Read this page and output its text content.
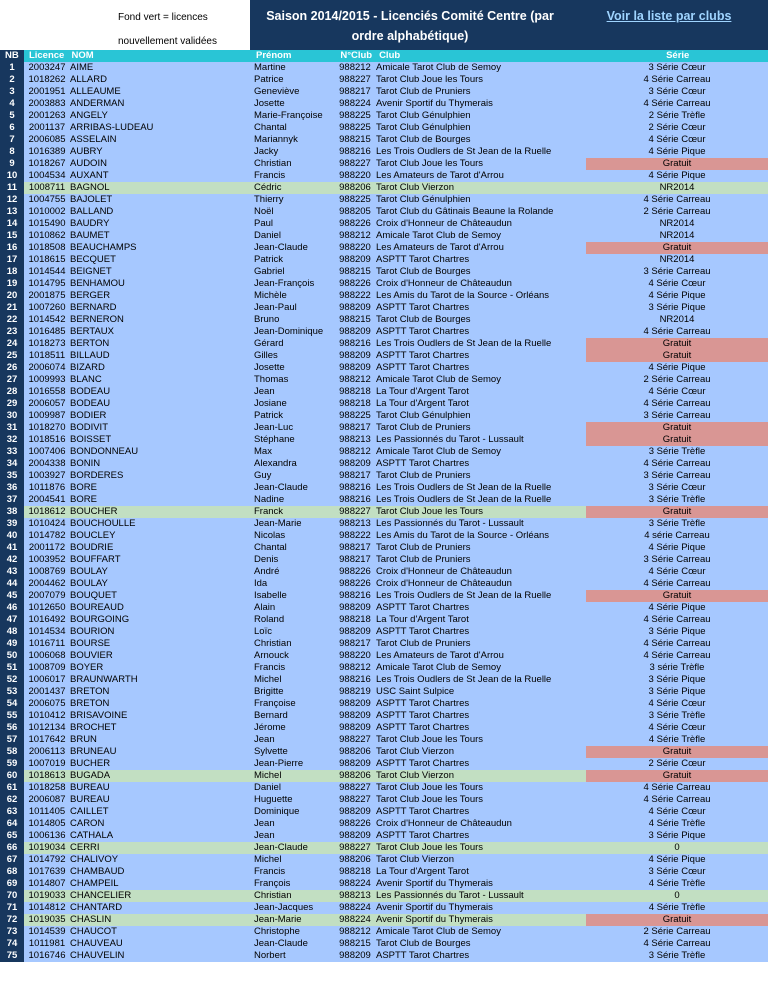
Fond vert = licences
nouvellement validées
Saison 2014/2015 - Licenciés Comité Centre (par ordre alphabétique)
Voir la liste par clubs
NB	Licence NOM	Prénom	N°Club Club	Série
1	2003247 AIME	Martine	988212 Amicale Tarot Club de Semoy	3 Série Cœur
2	1018262 ALLARD	Patrice	988227 Tarot Club Joue les Tours	4 Série Carreau
3	2001951 ALLEAUME	Geneviève	988217 Tarot Club de Pruniers	3 Série Cœur
4	2003883 ANDERMAN	Josette	988224 Avenir Sportif du Thymerais	4 Série Carreau
5	2001263 ANGELY	Marie-Françoise	988225 Tarot Club Génulphien	2 Série Trèfle
6	2001137 ARRIBAS-LUDEAU	Chantal	988225 Tarot Club Génulphien	2 Série Cœur
7	2006085 ASSELAIN	Mariannyk	988215 Tarot Club de Bourges	4 Série Cœur
8	1016389 AUBRY	Jacky	988216 Les Trois Oudlers de St Jean de la Ruelle	4 Série Pique
9	1018267 AUDOIN	Christian	988227 Tarot Club Joue les Tours	Gratuit
10	1004534 AUXANT	Francis	988220 Les Amateurs de Tarot d'Arrou	4 Série Pique
11	1008711 BAGNOL	Cédric	988206 Tarot Club Vierzon	NR2014
12	1004755 BAJOLET	Thierry	988225 Tarot Club Génulphien	4 Série Carreau
13	1010002 BALLAND	Noël	988205 Tarot Club du Gâtinais Beaune la Rolande	2 Série Carreau
14	1015490 BAUDRY	Paul	988226 Croix d'Honneur de Châteaudun	NR2014
15	1010862 BAUMET	Daniel	988212 Amicale Tarot Club de Semoy	NR2014
16	1018508 BEAUCHAMPS	Jean-Claude	988220 Les Amateurs de Tarot d'Arrou	Gratuit
17	1018615 BECQUET	Patrick	988209 ASPTT Tarot Chartres	NR2014
18	1014544 BEIGNET	Gabriel	988215 Tarot Club de Bourges	3 Série Carreau
19	1014795 BENHAMOU	Jean-François	988226 Croix d'Honneur de Châteaudun	4 Série Cœur
20	2001875 BERGER	Michèle	988222 Les Amis du Tarot de la Source - Orléans	4 Série Pique
21	1007260 BERNARD	Jean-Paul	988209 ASPTT Tarot Chartres	3 Série Pique
22	1014542 BERNERON	Bruno	988215 Tarot Club de Bourges	NR2014
23	1016485 BERTAUX	Jean-Dominique	988209 ASPTT Tarot Chartres	4 Série Carreau
24	1018273 BERTON	Gérard	988216 Les Trois Oudlers de St Jean de la Ruelle	Gratuit
25	1018511 BILLAUD	Gilles	988209 ASPTT Tarot Chartres	Gratuit
26	2006074 BIZARD	Josette	988209 ASPTT Tarot Chartres	4 Série Pique
27	1009993 BLANC	Thomas	988212 Amicale Tarot Club de Semoy	2 Série Carreau
28	1016558 BODEAU	Jean	988218 La Tour d'Argent Tarot	4 Série Cœur
29	2006057 BODEAU	Josiane	988218 La Tour d'Argent Tarot	4 Série Carreau
30	1009987 BODIER	Patrick	988225 Tarot Club Génulphien	3 Série Carreau
31	1018270 BODIVIT	Jean-Luc	988217 Tarot Club de Pruniers	Gratuit
32	1018516 BOISSET	Stéphane	988213 Les Passionnés du Tarot - Lussault	Gratuit
33	1007406 BONDONNEAU	Max	988212 Amicale Tarot Club de Semoy	3 Série Trèfle
34	2004338 BONIN	Alexandra	988209 ASPTT Tarot Chartres	4 Série Carreau
35	1003927 BORDERES	Guy	988217 Tarot Club de Pruniers	3 Série Carreau
36	1011876 BORE	Jean-Claude	988216 Les Trois Oudlers de St Jean de la Ruelle	3 Série Cœur
37	2004541 BORE	Nadine	988216 Les Trois Oudlers de St Jean de la Ruelle	3 Série Trèfle
38	1018612 BOUCHER	Franck	988227 Tarot Club Joue les Tours	Gratuit
39	1010424 BOUCHOULLE	Jean-Marie	988213 Les Passionnés du Tarot - Lussault	3 Série Trèfle
40	1014782 BOUCLEY	Nicolas	988222 Les Amis du Tarot de la Source - Orléans	4 série Carreau
41	2001172 BOUDRIE	Chantal	988217 Tarot Club de Pruniers	4 Série Pique
42	1003952 BOUFFART	Denis	988217 Tarot Club de Pruniers	3 Série Carreau
43	1008769 BOULAY	André	988226 Croix d'Honneur de Châteaudun	4 Série Cœur
44	2004462 BOULAY	Ida	988226 Croix d'Honneur de Châteaudun	4 Série Carreau
45	2007079 BOUQUET	Isabelle	988216 Les Trois Oudlers de St Jean de la Ruelle	Gratuit
46	1012650 BOUREAUD	Alain	988209 ASPTT Tarot Chartres	4 Série Pique
47	1016492 BOURGOING	Roland	988218 La Tour d'Argent Tarot	4 Série Carreau
48	1014534 BOURION	Loïc	988209 ASPTT Tarot Chartres	3 Série Pique
49	1016711 BOURSE	Christian	988217 Tarot Club de Pruniers	4 Série Carreau
50	1006068 BOUVIER	Arnouck	988220 Les Amateurs de Tarot d'Arrou	4 Série Carreau
51	1008709 BOYER	Francis	988212 Amicale Tarot Club de Semoy	3 série Trèfle
52	1006017 BRAUNWARTH	Michel	988216 Les Trois Oudlers de St Jean de la Ruelle	3 Série Pique
53	2001437 BRETON	Brigitte	988219 USC Saint Sulpice	3 Série Pique
54	2006075 BRETON	Françoise	988209 ASPTT Tarot Chartres	4 Série Cœur
55	1010412 BRISAVOINE	Bernard	988209 ASPTT Tarot Chartres	3 Série Trèfle
56	1012134 BROCHET	Jérome	988209 ASPTT Tarot Chartres	4 Série Cœur
57	1017642 BRUN	Jean	988227 Tarot Club Joue les Tours	4 Série Trèfle
58	2006113 BRUNEAU	Sylvette	988206 Tarot Club Vierzon	Gratuit
59	1007019 BUCHER	Jean-Pierre	988209 ASPTT Tarot Chartres	2 Série Cœur
60	1018613 BUGADA	Michel	988206 Tarot Club Vierzon	Gratuit
61	1018258 BUREAU	Daniel	988227 Tarot Club Joue les Tours	4 Série Carreau
62	2006087 BUREAU	Huguette	988227 Tarot Club Joue les Tours	4 Série Carreau
63	1011405 CAILLET	Dominique	988209 ASPTT Tarot Chartres	4 Série Cœur
64	1014805 CARON	Jean	988226 Croix d'Honneur de Châteaudun	4 Série Trèfle
65	1006136 CATHALA	Jean	988209 ASPTT Tarot Chartres	3 Série Pique
66	1019034 CERRI	Jean-Claude	988227 Tarot Club Joue les Tours	0
67	1014792 CHALIVOY	Michel	988206 Tarot Club Vierzon	4 Série Pique
68	1017639 CHAMBAUD	Francis	988218 La Tour d'Argent Tarot	3 Série Cœur
69	1014807 CHAMPEIL	François	988224 Avenir Sportif du Thymerais	4 Série Trèfle
70	1019033 CHANCELIER	Christian	988213 Les Passionnés du Tarot - Lussault	0
71	1014812 CHANTARD	Jean-Jacques	988224 Avenir Sportif du Thymerais	4 Série Trèfle
72	1019035 CHASLIN	Jean-Marie	988224 Avenir Sportif du Thymerais	Gratuit
73	1014539 CHAUCOT	Christophe	988212 Amicale Tarot Club de Semoy	2 Série Carreau
74	1011981 CHAUVEAU	Jean-Claude	988215 Tarot Club de Bourges	4 Série Carreau
75	1016746 CHAUVELIN	Norbert	988209 ASPTT Tarot Chartres	3 Série Trèfle
